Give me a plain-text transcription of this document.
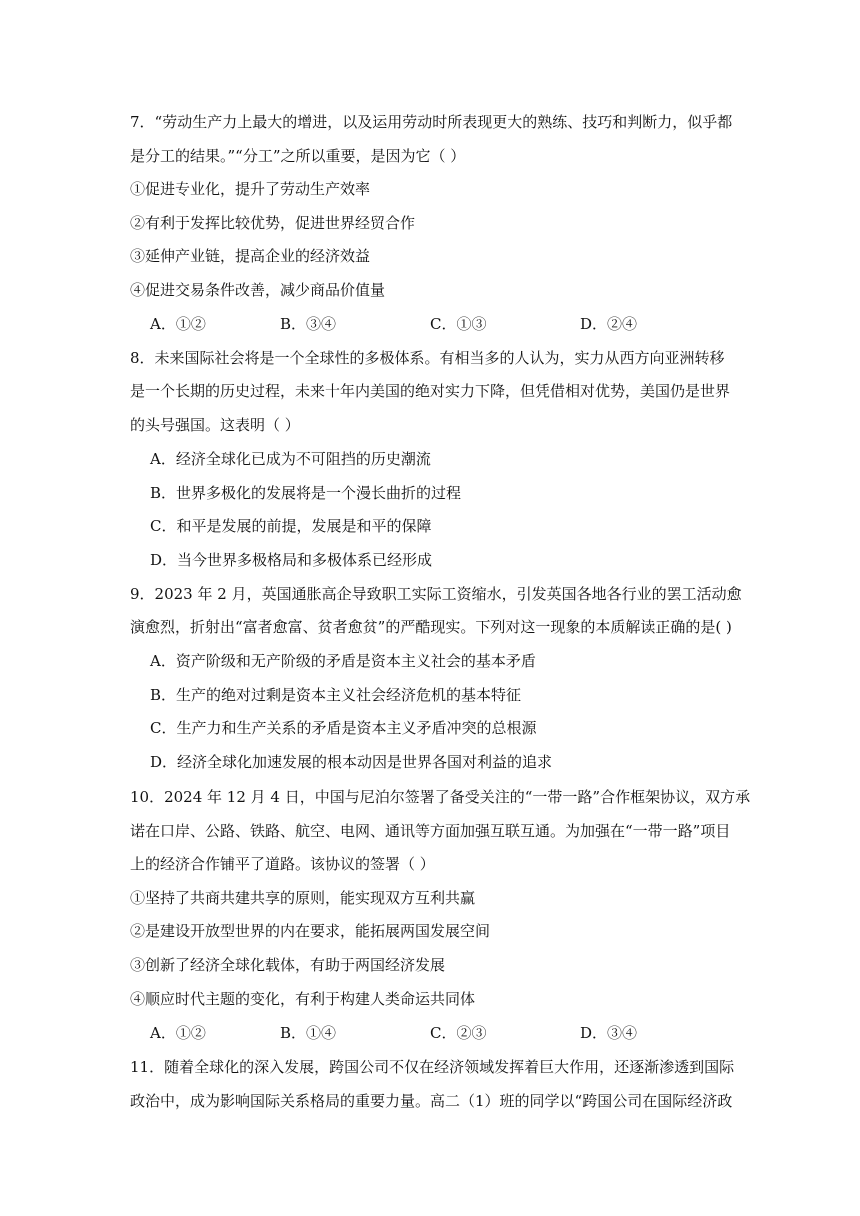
7．“劳动生产力上最大的增进，以及运用劳动时所表现更大的熟练、技巧和判断力，似乎都
是分工的结果。”“分工”之所以重要，是因为它（ ）
①促进专业化，提升了劳动生产效率
②有利于发挥比较优势，促进世界经贸合作
③延伸产业链，提高企业的经济效益
④促进交易条件改善，减少商品价值量
A．①②	B．③④	C．①③	D．②④
8．未来国际社会将是一个全球性的多极体系。有相当多的人认为，实力从西方向亚洲转移
是一个长期的历史过程，未来十年内美国的绝对实力下降，但凭借相对优势，美国仍是世界
的头号强国。这表明（ ）
A．经济全球化已成为不可阻挡的历史潮流
B．世界多极化的发展将是一个漫长曲折的过程
C．和平是发展的前提，发展是和平的保障
D．当今世界多极格局和多极体系已经形成
9．2023 年 2 月，英国通胀高企导致职工实际工资缩水，引发英国各地各行业的罢工活动愈
演愈烈，折射出“富者愈富、贫者愈贫”的严酷现实。下列对这一现象的本质解读正确的是( )
A．资产阶级和无产阶级的矛盾是资本主义社会的基本矛盾
B．生产的绝对过剩是资本主义社会经济危机的基本特征
C．生产力和生产关系的矛盾是资本主义矛盾冲突的总根源
D．经济全球化加速发展的根本动因是世界各国对利益的追求
10．2024 年 12 月 4 日，中国与尼泊尔签署了备受关注的“一带一路”合作框架协议，双方承
诺在口岸、公路、铁路、航空、电网、通讯等方面加强互联互通。为加强在“一带一路”项目
上的经济合作铺平了道路。该协议的签署（ ）
①坚持了共商共建共享的原则，能实现双方互利共赢
②是建设开放型世界的内在要求，能拓展两国发展空间
③创新了经济全球化载体，有助于两国经济发展
④顺应时代主题的变化，有利于构建人类命运共同体
A．①②	B．①④	C．②③	D．③④
11．随着全球化的深入发展，跨国公司不仅在经济领域发挥着巨大作用，还逐渐渗透到国际
政治中，成为影响国际关系格局的重要力量。高二（1）班的同学以“跨国公司在国际经济政
